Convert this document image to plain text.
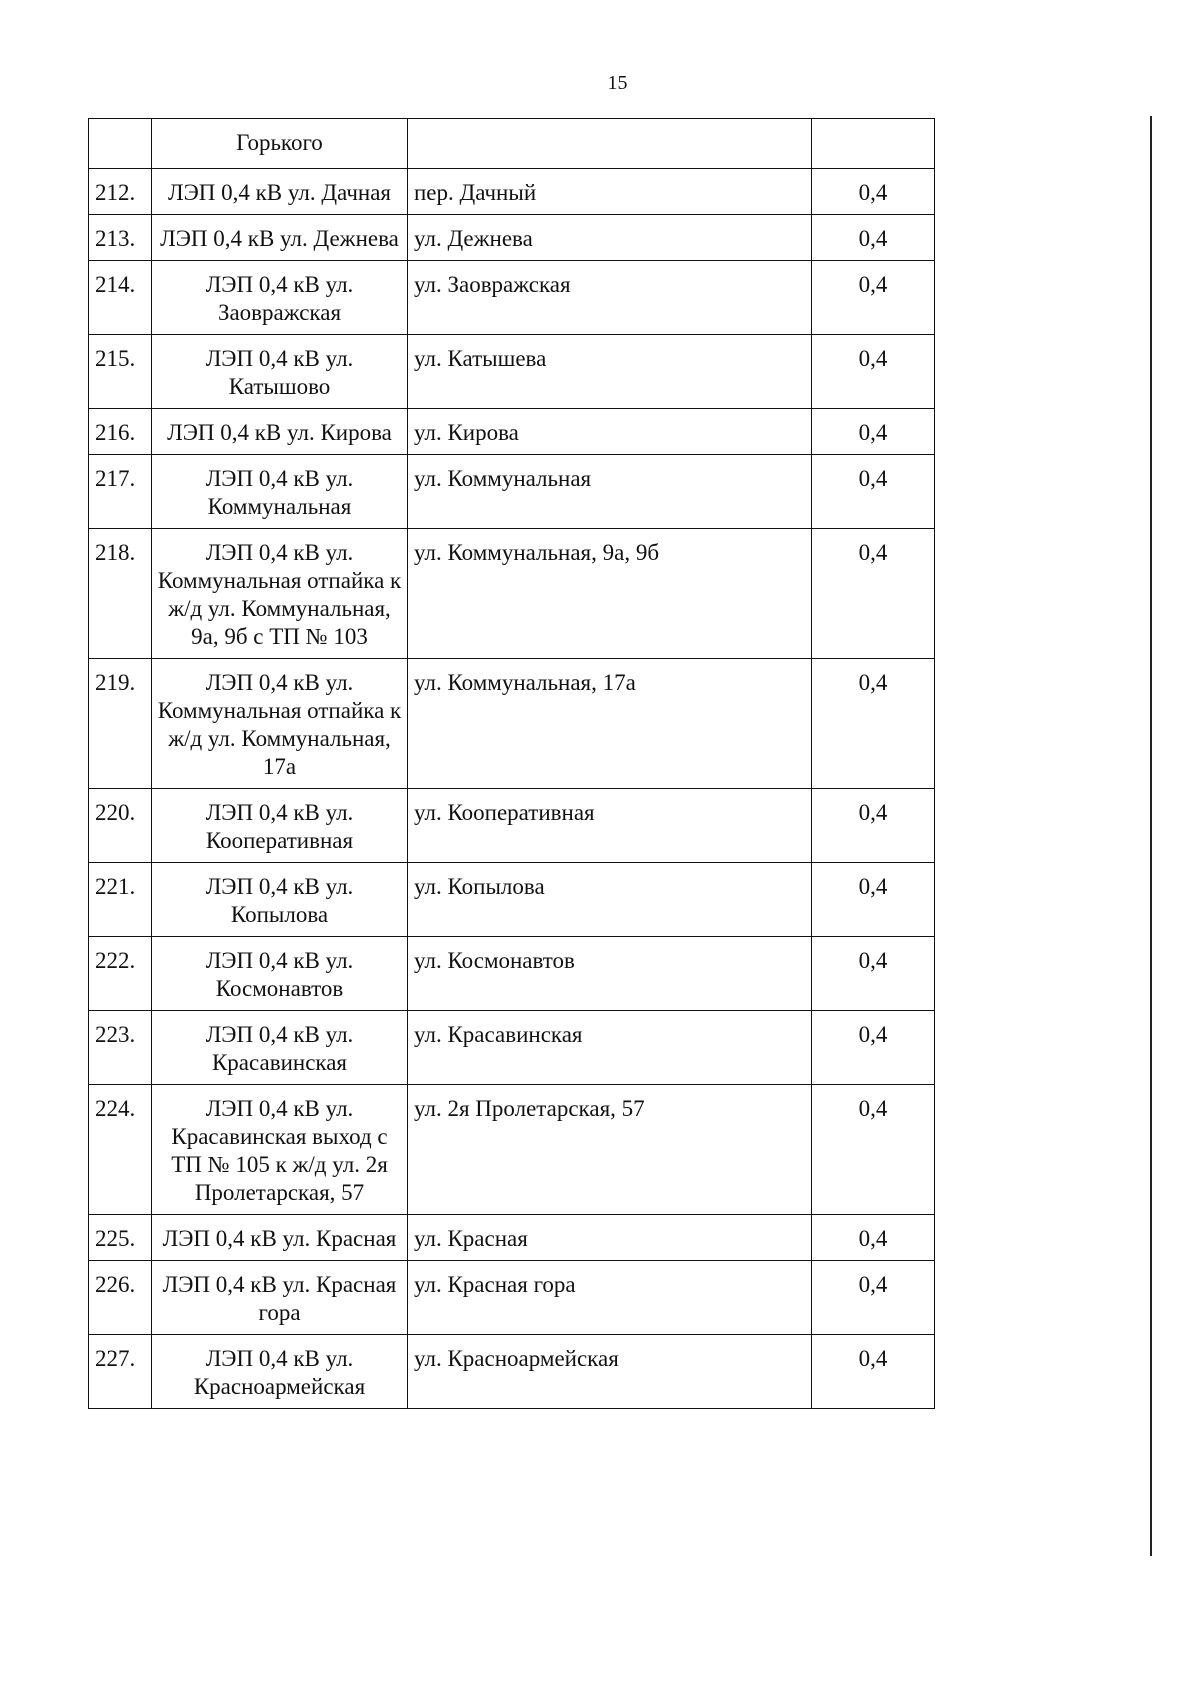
15
	Горького		
212.	ЛЭП 0,4 кВ ул. Дачная	пер. Дачный	0,4
213.	ЛЭП 0,4 кВ ул. Дежнева	ул. Дежнева	0,4
214.	ЛЭП 0,4 кВ ул. Заовражская	ул. Заовражская	0,4
215.	ЛЭП 0,4 кВ ул. Катышово	ул. Катышева	0,4
216.	ЛЭП 0,4 кВ ул. Кирова	ул. Кирова	0,4
217.	ЛЭП 0,4 кВ ул. Коммунальная	ул. Коммунальная	0,4
218.	ЛЭП 0,4 кВ ул. Коммунальная отпайка к ж/д ул. Коммунальная, 9а, 9б с ТП № 103	ул. Коммунальная, 9а, 9б	0,4
219.	ЛЭП 0,4 кВ ул. Коммунальная отпайка к ж/д ул. Коммунальная, 17а	ул. Коммунальная, 17а	0,4
220.	ЛЭП 0,4 кВ ул. Кооперативная	ул. Кооперативная	0,4
221.	ЛЭП 0,4 кВ ул. Копылова	ул. Копылова	0,4
222.	ЛЭП 0,4 кВ ул. Космонавтов	ул. Космонавтов	0,4
223.	ЛЭП 0,4 кВ ул. Красавинская	ул. Красавинская	0,4
224.	ЛЭП 0,4 кВ ул. Красавинская выход с ТП № 105 к ж/д ул. 2я Пролетарская, 57	ул. 2я Пролетарская, 57	0,4
225.	ЛЭП 0,4 кВ ул. Красная	ул. Красная	0,4
226.	ЛЭП 0,4 кВ ул. Красная гора	ул. Красная гора	0,4
227.	ЛЭП 0,4 кВ ул. Красноармейская	ул. Красноармейская	0,4
